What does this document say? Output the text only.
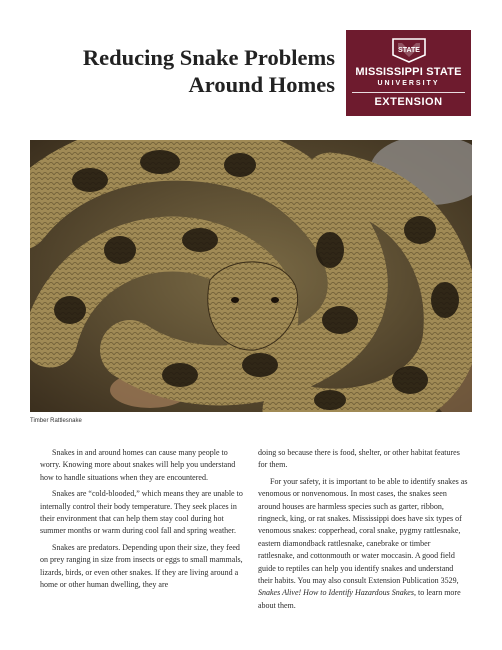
Reducing Snake Problems
Around Homes
STATE
MISSISSIPPI STATE
UNIVERSITY
EXTENSION
Timber Rattlesnake

Snakes in and around homes can cause many people to worry. Knowing more about snakes will help you understand how to handle situations when they are encountered.

Snakes are “cold-blooded,” which means they are unable to internally control their body temperature. They seek places in their environment that can help them stay cool during hot summer months or warm during cool fall and spring weather.

Snakes are predators. Depending upon their size, they feed on prey ranging in size from insects or eggs to small mammals, lizards, birds, or even other snakes. If they are living around a home or other human dwelling, they are

doing so because there is food, shelter, or other habitat features for them.

For your safety, it is important to be able to identify snakes as venomous or nonvenomous. In most cases, the snakes seen around houses are harmless species such as garter, ribbon, ringneck, king, or rat snakes. Mississippi does have six types of venomous snakes: copperhead, coral snake, pygmy rattlesnake, eastern diamondback rattlesnake, canebrake or timber rattlesnake, and cottonmouth or water moccasin. A good field guide to reptiles can help you identify snakes and understand their habits. You may also consult Extension Publication 3529, Snakes Alive! How to Identify Hazardous Snakes, to learn more about them.
